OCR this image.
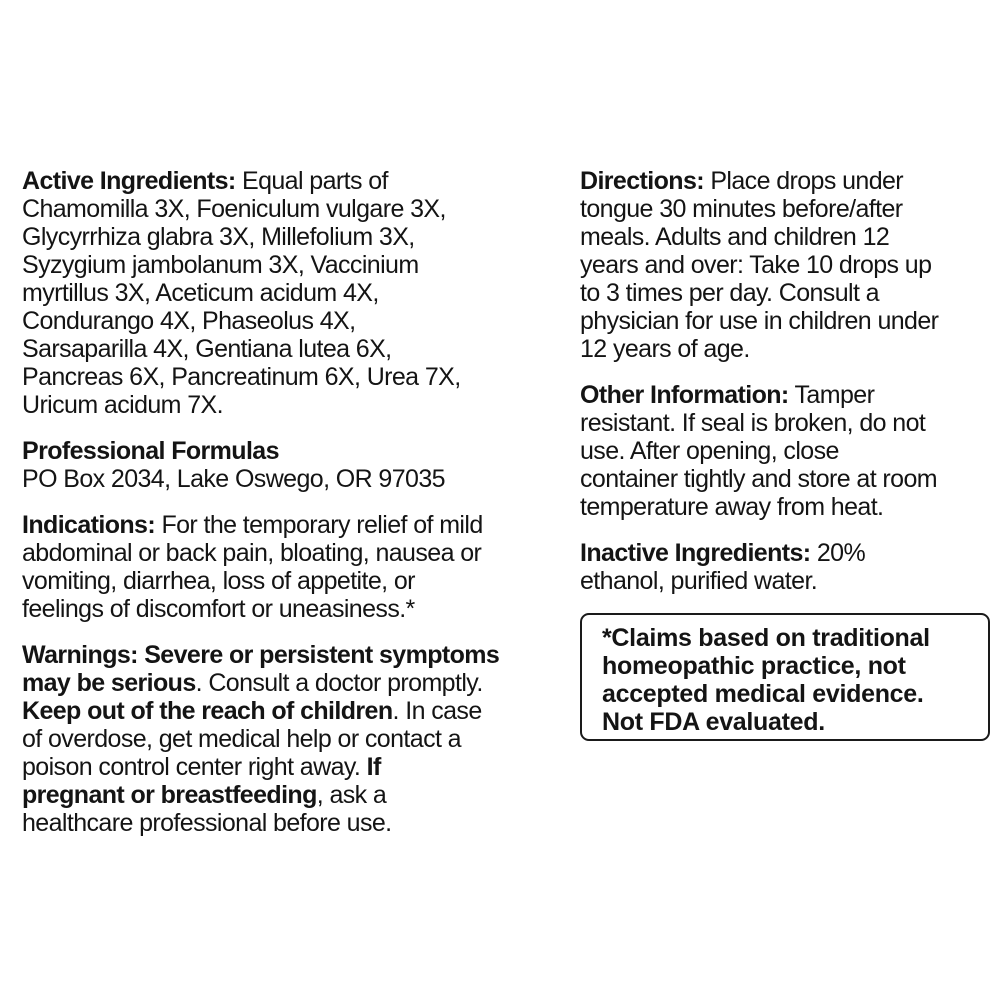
Active Ingredients: Equal parts of
Chamomilla 3X, Foeniculum vulgare 3X,
Glycyrrhiza glabra 3X, Millefolium 3X,
Syzygium jambolanum 3X, Vaccinium
myrtillus 3X, Aceticum acidum 4X,
Condurango 4X, Phaseolus 4X,
Sarsaparilla 4X, Gentiana lutea 6X,
Pancreas 6X, Pancreatinum 6X, Urea 7X,
Uricum acidum 7X.

Professional Formulas
PO Box 2034, Lake Oswego, OR 97035

Indications: For the temporary relief of mild
abdominal or back pain, bloating, nausea or
vomiting, diarrhea, loss of appetite, or
feelings of discomfort or uneasiness.*

Warnings: Severe or persistent symptoms
may be serious. Consult a doctor promptly.
Keep out of the reach of children. In case
of overdose, get medical help or contact a
poison control center right away. If
pregnant or breastfeeding, ask a
healthcare professional before use.

Directions: Place drops under
tongue 30 minutes before/after
meals. Adults and children 12
years and over: Take 10 drops up
to 3 times per day. Consult a
physician for use in children under
12 years of age.

Other Information: Tamper
resistant. If seal is broken, do not
use. After opening, close
container tightly and store at room
temperature away from heat.

Inactive Ingredients: 20%
ethanol, purified water.

*Claims based on traditional
homeopathic practice, not
accepted medical evidence.
Not FDA evaluated.
